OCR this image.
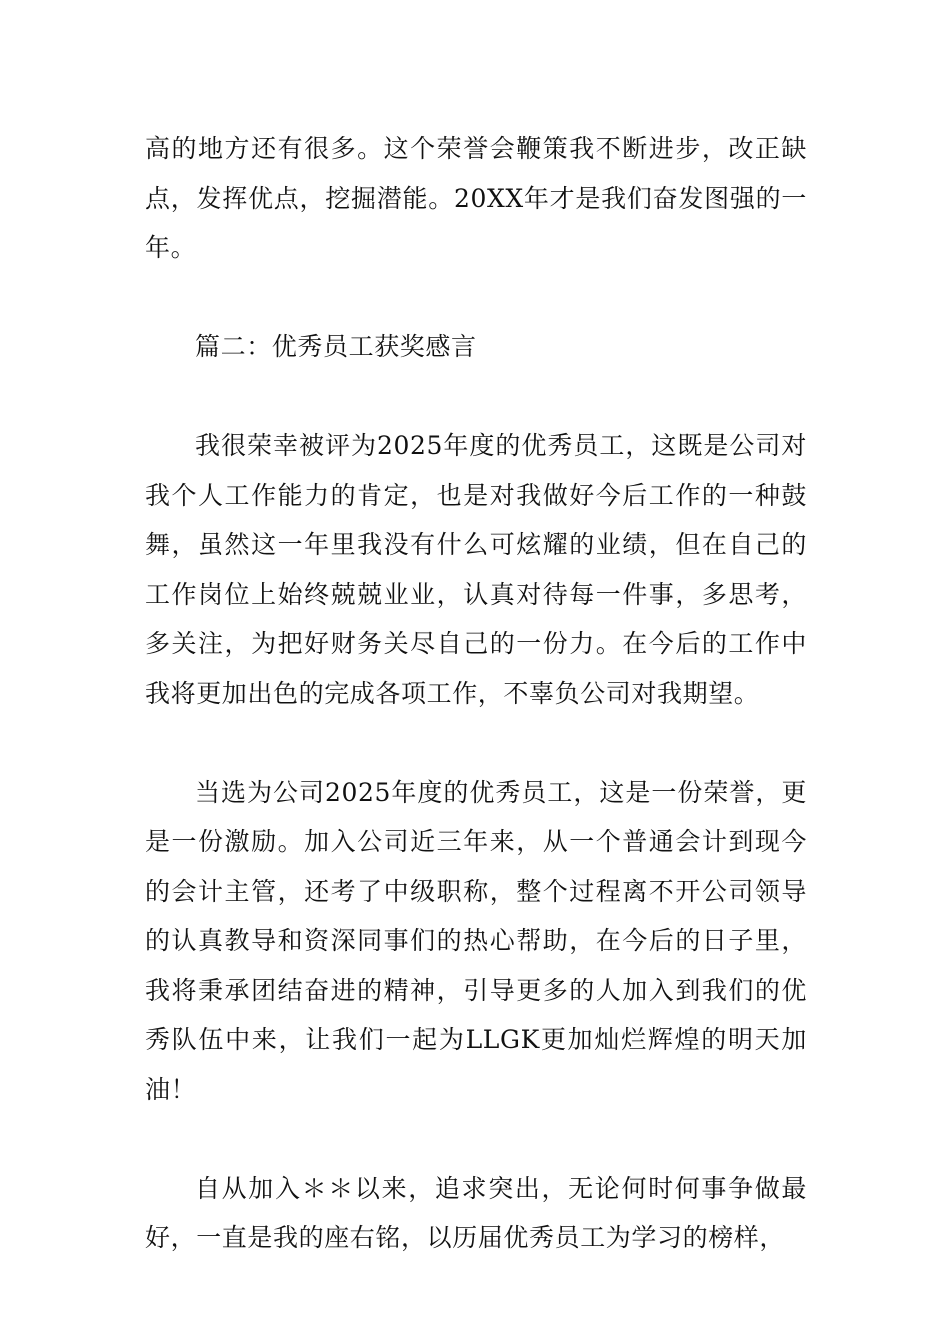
高的地方还有很多。这个荣誉会鞭策我不断进步，改正缺点，发挥优点，挖掘潜能。20XX年才是我们奋发图强的一年。

篇二：优秀员工获奖感言

我很荣幸被评为2025年度的优秀员工，这既是公司对我个人工作能力的肯定，也是对我做好今后工作的一种鼓舞，虽然这一年里我没有什么可炫耀的业绩，但在自己的工作岗位上始终兢兢业业，认真对待每一件事，多思考，多关注，为把好财务关尽自己的一份力。在今后的工作中我将更加出色的完成各项工作，不辜负公司对我期望。

当选为公司2025年度的优秀员工，这是一份荣誉，更是一份激励。加入公司近三年来，从一个普通会计到现今的会计主管，还考了中级职称，整个过程离不开公司领导的认真教导和资深同事们的热心帮助，在今后的日子里，我将秉承团结奋进的精神，引导更多的人加入到我们的优秀队伍中来，让我们一起为LLGK更加灿烂辉煌的明天加油！

自从加入＊＊以来，追求突出，无论何时何事争做最好，一直是我的座右铭，以历届优秀员工为学习的榜样，
